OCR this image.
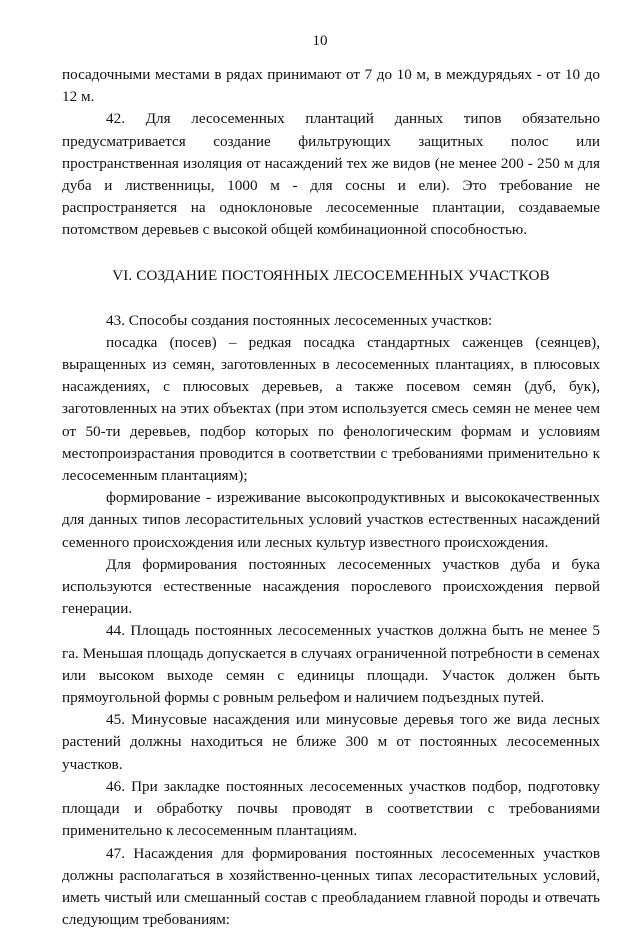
10

посадочными местами в рядах принимают от 7 до 10 м, в междурядьях - от 10 до 12 м.

42. Для лесосеменных плантаций данных типов обязательно предусматривается создание фильтрующих защитных полос или пространственная изоляция от насаждений тех же видов (не менее 200 - 250 м для дуба и лиственницы, 1000 м - для сосны и ели). Это требование не распространяется на одноклоновые лесосеменные плантации, создаваемые потомством деревьев с высокой общей комбинационной способностью.

VI. СОЗДАНИЕ ПОСТОЯННЫХ ЛЕСОСЕМЕННЫХ УЧАСТКОВ

43. Способы создания постоянных лесосеменных участков:

посадка (посев) – редкая посадка стандартных саженцев (сеянцев), выращенных из семян, заготовленных в лесосеменных плантациях, в плюсовых насаждениях, с плюсовых деревьев, а также посевом семян (дуб, бук), заготовленных на этих объектах (при этом используется смесь семян не менее чем от 50-ти деревьев, подбор которых по фенологическим формам и условиям местопроизрастания проводится в соответствии с требованиями применительно к лесосеменным плантациям);

формирование - изреживание высокопродуктивных и высококачественных для данных типов лесорастительных условий участков естественных насаждений семенного происхождения или лесных культур известного происхождения.

Для формирования постоянных лесосеменных участков дуба и бука используются естественные насаждения порослевого происхождения первой генерации.

44. Площадь постоянных лесосеменных участков должна быть не менее 5 га. Меньшая площадь допускается в случаях ограниченной потребности в семенах или высоком выходе семян с единицы площади. Участок должен быть прямоугольной формы с ровным рельефом и наличием подъездных путей.

45. Минусовые насаждения или минусовые деревья того же вида лесных растений должны находиться не ближе 300 м от постоянных лесосеменных участков.

46. При закладке постоянных лесосеменных участков подбор, подготовку площади и обработку почвы проводят в соответствии с требованиями применительно к лесосеменным плантациям.

47. Насаждения для формирования постоянных лесосеменных участков должны располагаться в хозяйственно-ценных типах лесорастительных условий, иметь чистый или смешанный состав с преобладанием главной породы и отвечать следующим требованиям:
